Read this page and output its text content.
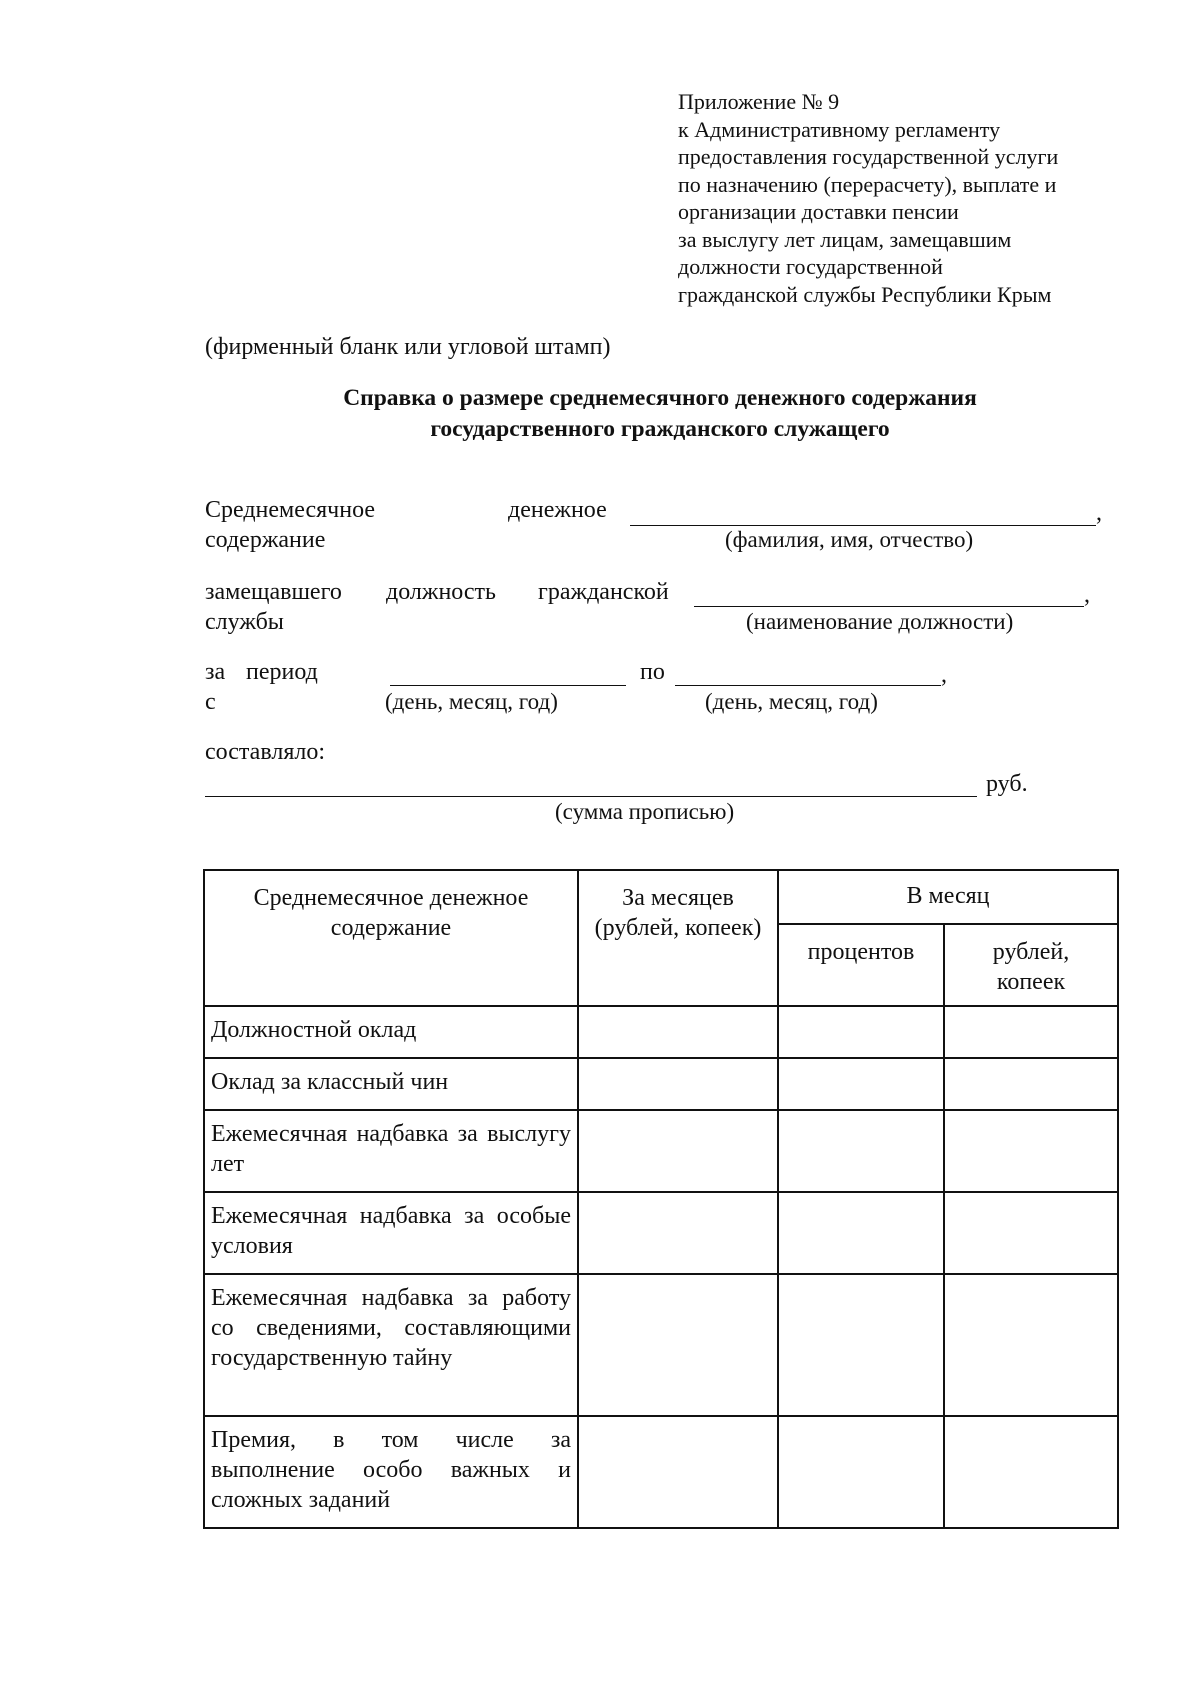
Приложение № 9
к Административному регламенту
предоставления государственной услуги
по назначению (перерасчету), выплате и
организации доставки пенсии
за выслугу лет лицам, замещавшим
должности государственной
гражданской службы Республики Крым
(фирменный бланк или угловой штамп)
Справка о размере среднемесячного денежного содержания
государственного гражданского служащего
Среднемесячное	денежное
содержание
,
(фамилия, имя, отчество)
замещавшего должность гражданской
службы
,
(наименование должности)
за период
с
по	,
(день, месяц, год)	(день, месяц, год)
составляло:
руб.
(сумма прописью)
Среднемесячное денежное содержание	За месяцев (рублей, копеек)	В месяц	
		процентов	рублей, копеек
Должностной оклад			
Оклад за классный чин			
Ежемесячная надбавка за выслугу лет			
Ежемесячная надбавка за особые условия			
Ежемесячная надбавка за работу со сведениями, составляющими государственную тайну			
Премия, в том числе за выполнение особо важных и сложных заданий			
